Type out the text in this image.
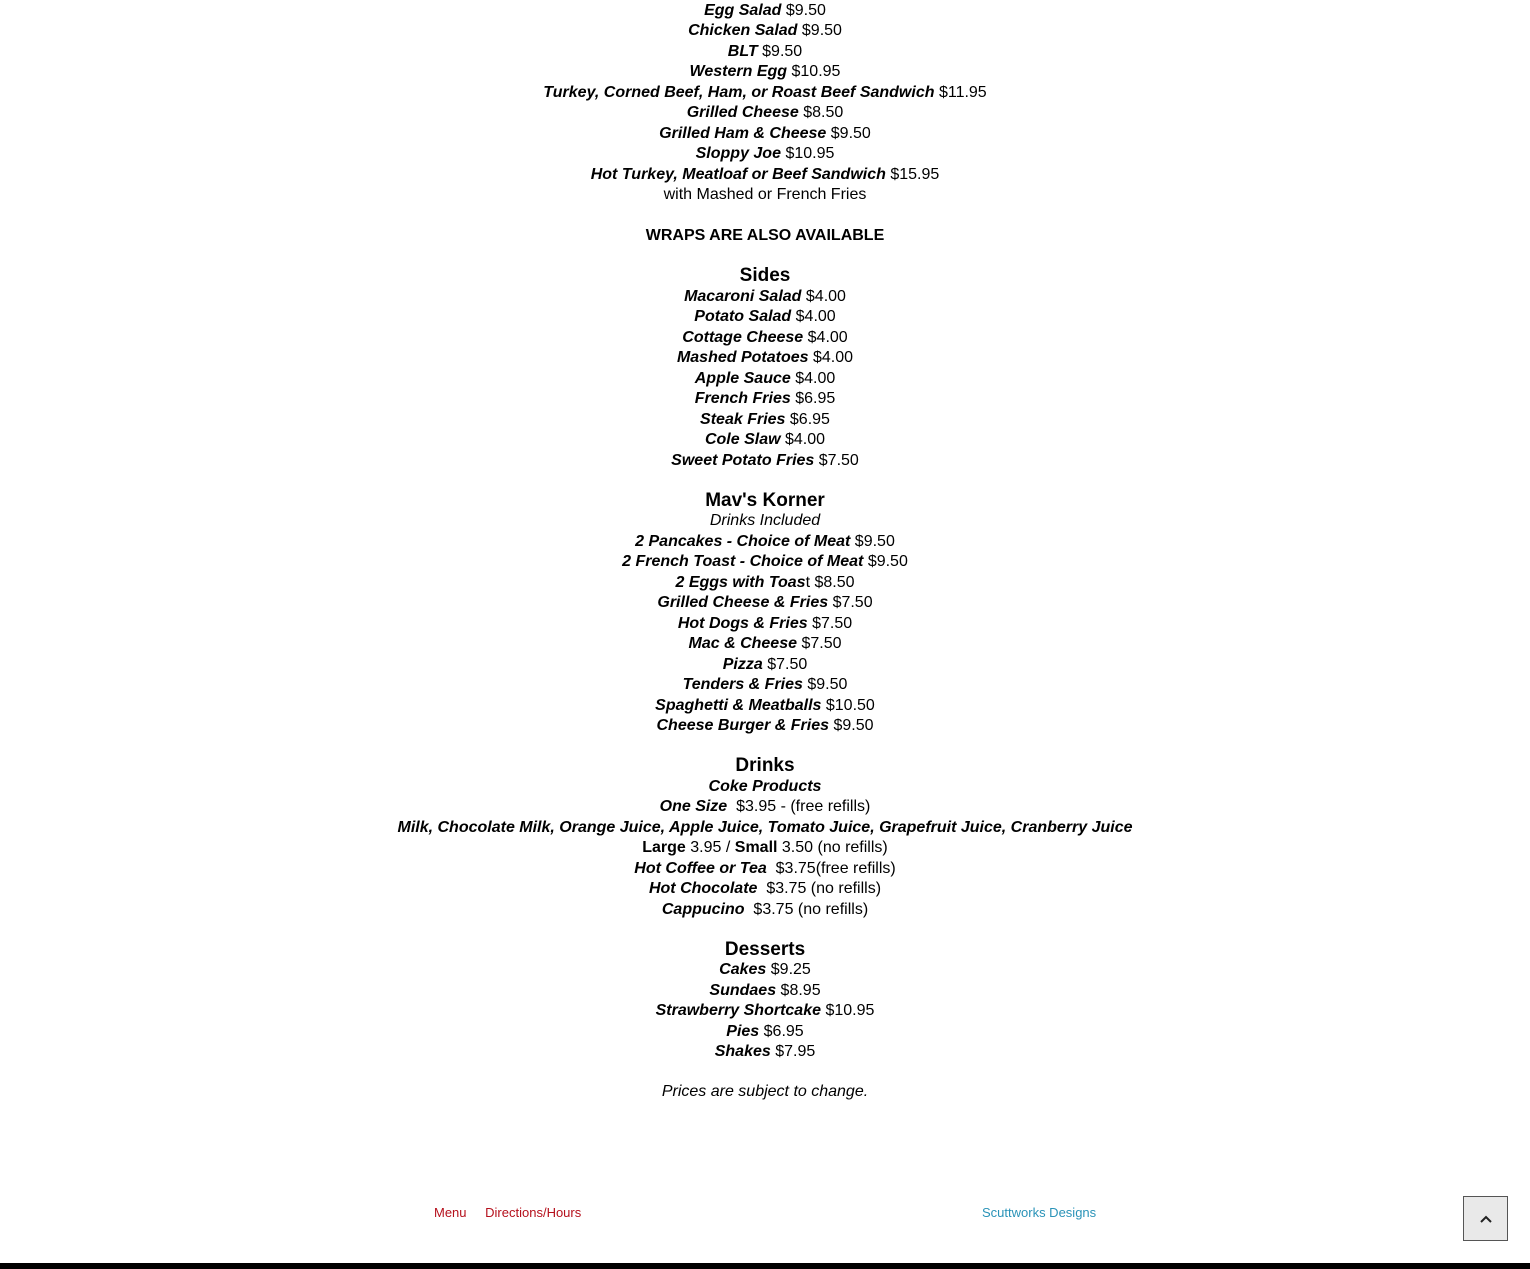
Egg Salad $9.50
Chicken Salad $9.50
BLT $9.50
Western Egg $10.95
Turkey, Corned Beef, Ham, or Roast Beef Sandwich $11.95
Grilled Cheese $8.50
Grilled Ham & Cheese $9.50
Sloppy Joe $10.95
Hot Turkey, Meatloaf or Beef Sandwich $15.95
with Mashed or French Fries
WRAPS ARE ALSO AVAILABLE
Sides
Macaroni Salad $4.00
Potato Salad $4.00
Cottage Cheese $4.00
Mashed Potatoes $4.00
Apple Sauce $4.00
French Fries $6.95
Steak Fries $6.95
Cole Slaw $4.00
Sweet Potato Fries $7.50
Mav's Korner
Drinks Included
2 Pancakes - Choice of Meat $9.50
2 French Toast - Choice of Meat $9.50
2 Eggs with Toast $8.50
Grilled Cheese & Fries $7.50
Hot Dogs & Fries $7.50
Mac & Cheese $7.50
Pizza $7.50
Tenders & Fries $9.50
Spaghetti & Meatballs $10.50
Cheese Burger & Fries $9.50
Drinks
Coke Products
One Size $3.95 - (free refills)
Milk, Chocolate Milk, Orange Juice, Apple Juice, Tomato Juice, Grapefruit Juice, Cranberry Juice
Large 3.95 / Small 3.50 (no refills)
Hot Coffee or Tea $3.75(free refills)
Hot Chocolate $3.75 (no refills)
Cappucino $3.75 (no refills)
Desserts
Cakes $9.25
Sundaes $8.95
Strawberry Shortcake $10.95
Pies $6.95
Shakes $7.95
Prices are subject to change.
Menu Directions/Hours	Scuttworks Designs
